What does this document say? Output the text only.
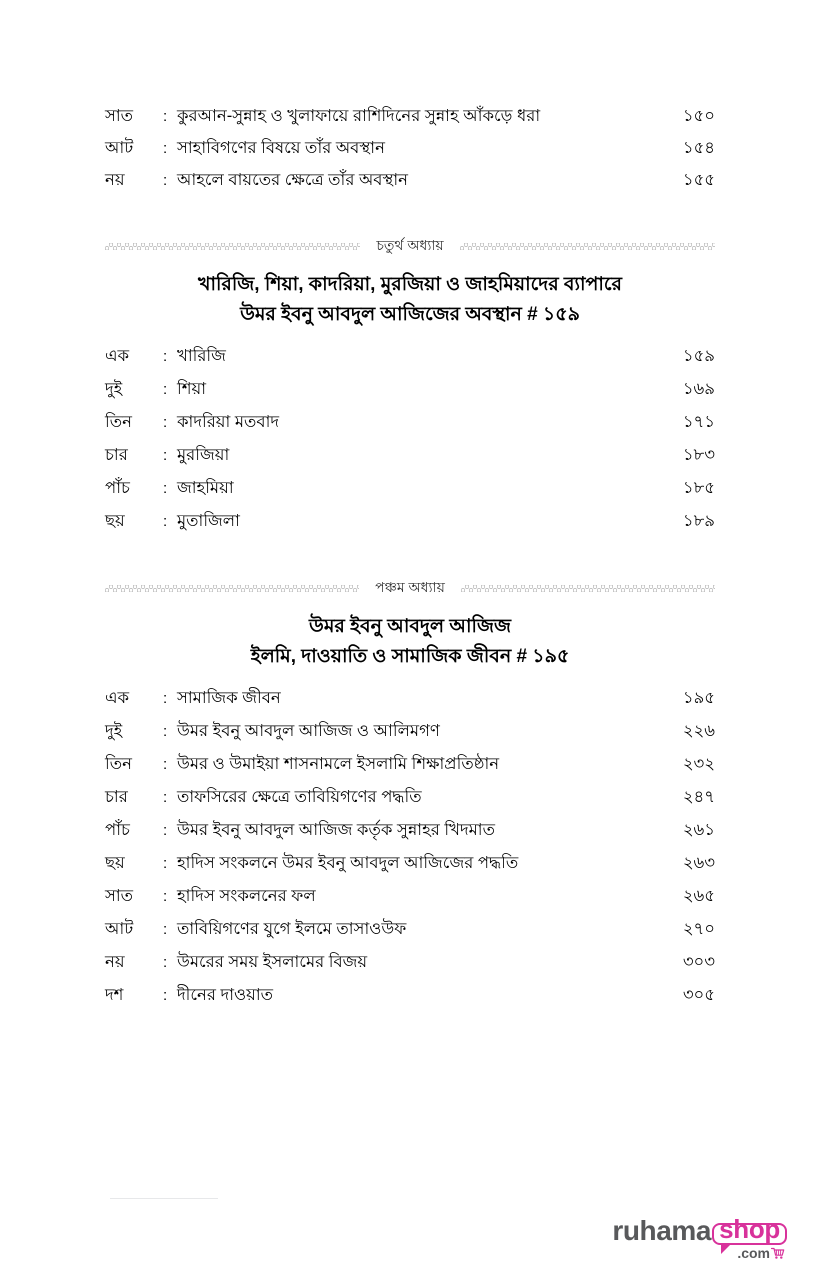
সাত	:	কুরআন-সুন্নাহ ও খুলাফায়ে রাশিদিনের সুন্নাহ আঁকড়ে ধরা	১৫০
আট	:	সাহাবিগণের বিষয়ে তাঁর অবস্থান	১৫৪
নয়	:	আহলে বায়তের ক্ষেত্রে তাঁর অবস্থান	১৫৫
চতুর্থ অধ্যায়
খারিজি, শিয়া, কাদরিয়া, মুরজিয়া ও জাহমিয়াদের ব্যাপারে
উমর ইবনু আবদুল আজিজের অবস্থান # ১৫৯
এক	:	খারিজি	১৫৯
দুই	:	শিয়া	১৬৯
তিন	:	কাদরিয়া মতবাদ	১৭১
চার	:	মুরজিয়া	১৮৩
পাঁচ	:	জাহমিয়া	১৮৫
ছয়	:	মুতাজিলা	১৮৯
পঞ্চম অধ্যায়
উমর ইবনু আবদুল আজিজ
ইলমি, দাওয়াতি ও সামাজিক জীবন # ১৯৫
এক	:	সামাজিক জীবন	১৯৫
দুই	:	উমর ইবনু আবদুল আজিজ ও আলিমগণ	২২৬
তিন	:	উমর ও উমাইয়া শাসনামলে ইসলামি শিক্ষাপ্রতিষ্ঠান	২৩২
চার	:	তাফসিরের ক্ষেত্রে তাবিয়িগণের পদ্ধতি	২৪৭
পাঁচ	:	উমর ইবনু আবদুল আজিজ কর্তৃক সুন্নাহর খিদমাত	২৬১
ছয়	:	হাদিস সংকলনে উমর ইবনু আবদুল আজিজের পদ্ধতি	২৬৩
সাত	:	হাদিস সংকলনের ফল	২৬৫
আট	:	তাবিয়িগণের যুগে ইলমে তাসাওউফ	২৭০
নয়	:	উমরের সময় ইসলামের বিজয়	৩০৩
দশ	:	দীনের দাওয়াত	৩০৫
ruhama shop
.com
